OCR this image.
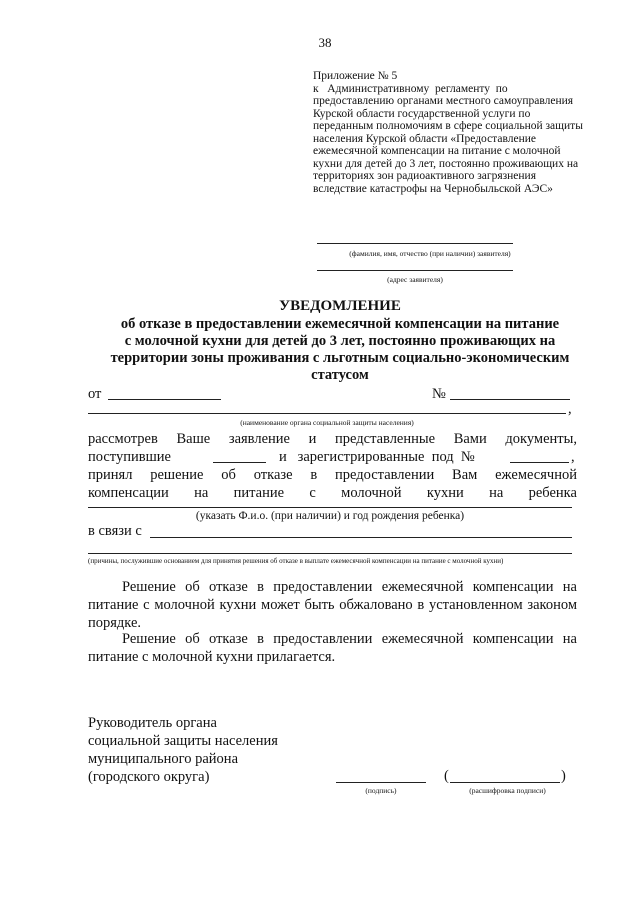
38
Приложение № 5
к   Административному  регламенту  по
предоставлению органами местного самоуправления
Курской области государственной услуги по
переданным полномочиям в сфере социальной защиты
населения Курской области «Предоставление
ежемесячной компенсации на питание с молочной
кухни для детей до 3 лет, постоянно проживающих на
территориях зон радиоактивного загрязнения
вследствие катастрофы на Чернобыльской АЭС»
(фамилия, имя, отчество (при наличии) заявителя)
(адрес заявителя)
УВЕДОМЛЕНИЕ
об отказе в предоставлении ежемесячной компенсации на питание
с молочной кухни для детей до 3 лет, постоянно проживающих на
территории зоны проживания с льготным социально-экономическим
статусом
от	№
,
(наименование органа социальной защиты населения)
рассмотрев Ваше заявление и представленные Вами документы,
поступившие	и   зарегистрированные  под  №	,
принял решение об отказе в предоставлении Вам ежемесячной
компенсации на питание с молочной кухни на ребенка
(указать Ф.и.о. (при наличии) и год рождения ребенка)
в связи с
(причины, послужившие основанием для принятия решения об отказе в выплате ежемесячной компенсации на питание с молочной кухни)
Решение об отказе в предоставлении ежемесячной компенсации на питание с молочной кухни может быть обжаловано в установленном законом порядке.
Решение об отказе в предоставлении ежемесячной компенсации на питание с молочной кухни прилагается.
Руководитель органа
социальной защиты населения
муниципального района
(городского округа)
(подпись)
(	)
(расшифровка подписи)
